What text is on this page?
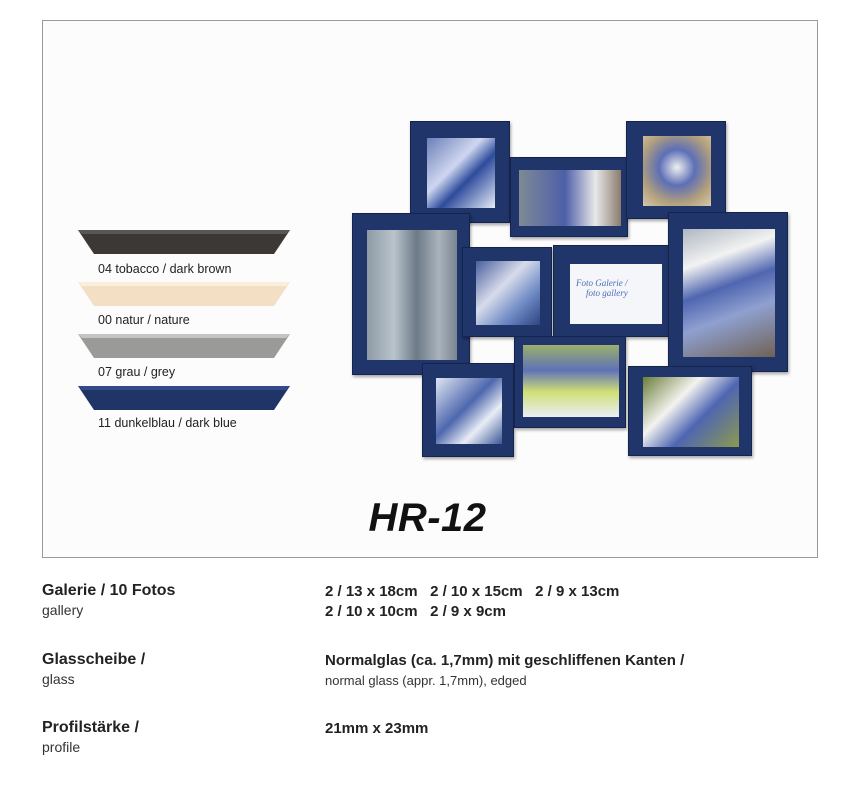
04 tobacco / dark brown
00 natur / nature
07 grau / grey
11 dunkelblau / dark blue
Foto Galerie /
foto gallery
HR-12
Galerie / 10 Fotos
gallery
2 / 13 x 18cm   2 / 10 x 15cm   2 / 9 x 13cm
2 / 10 x 10cm   2 / 9 x 9cm
Glasscheibe /
glass
Normalglas (ca. 1,7mm) mit geschliffenen Kanten /
normal glass (appr. 1,7mm), edged
Profilstärke /
profile
21mm x 23mm
